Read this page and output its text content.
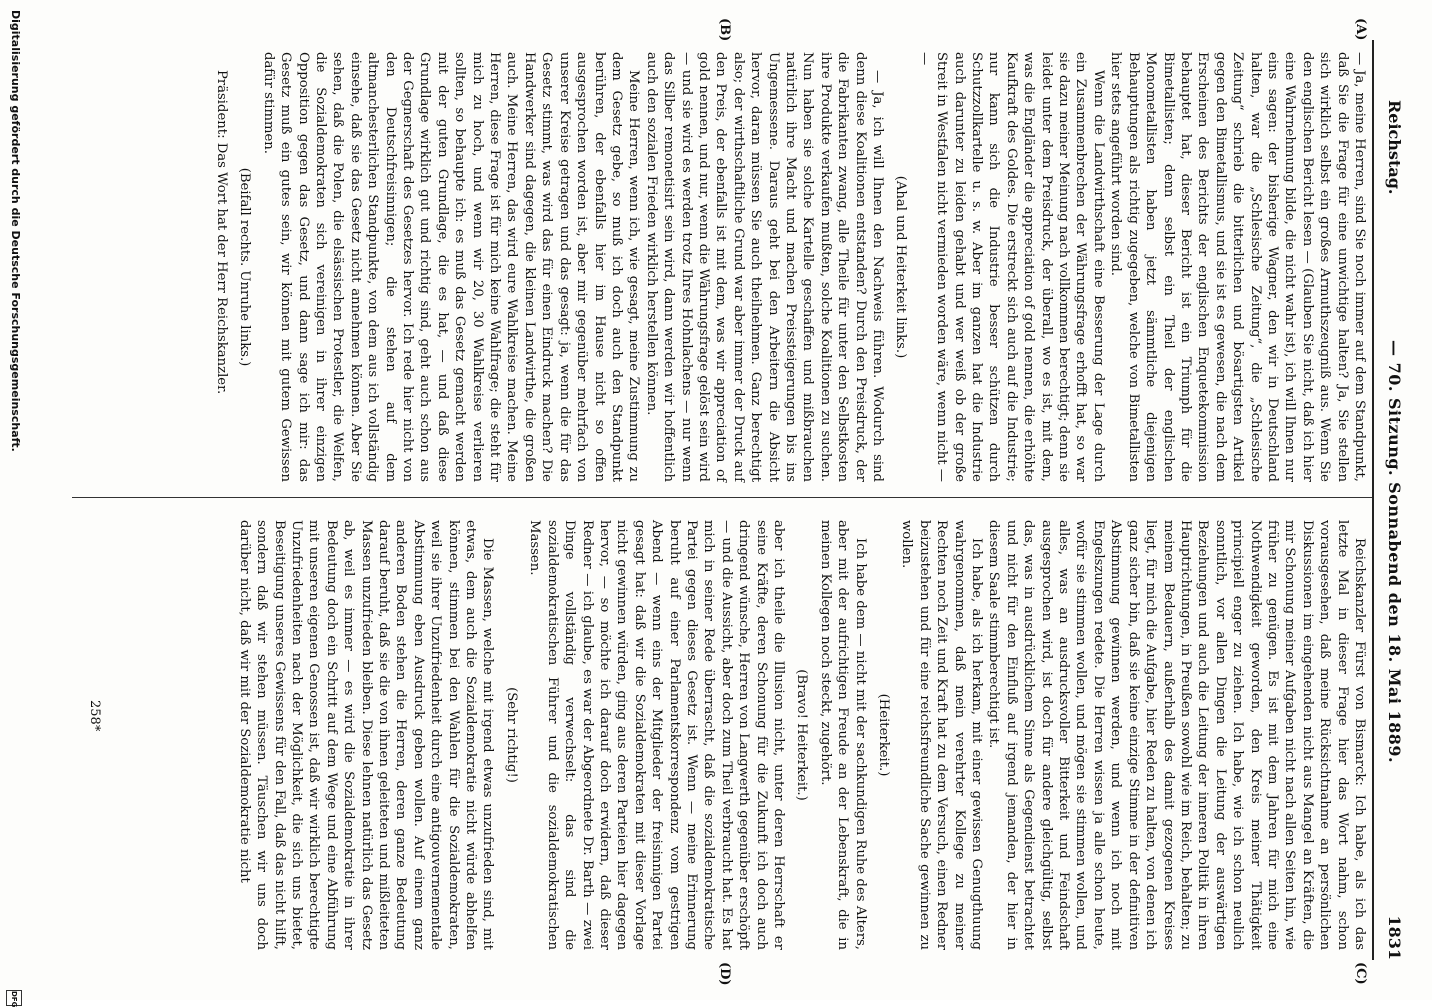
Reichstag.
— 70. Sitzung. Sonnabend den 18. Mai 1889.
1831
(A)
(B)
(C)
(D)

— Ja, meine Herren, sind Sie noch immer auf dem Standpunkt, daß Sie die Frage für eine unwichtige halten? Ja, Sie stellen sich wirklich selbst ein großes Armuthszeugniß aus. Wenn Sie den englischen Bericht lesen — (Glauben Sie nicht, daß ich hier eine Wahrnehmung bilde, die nicht wahr ist), ich will Ihnen nur eins sagen: der bisherige Wagner, den wir in Deutschland halten, war die „Schlesische Zeitung“, die „Schlesische Zeitung“ schrieb die bitterlichen und bösartigsten Artikel gegen den Bimetallismus, und sie ist es gewesen, die nach dem Erscheinen des Berichts der englischen Enquetekommission behauptet hat, dieser Bericht ist ein Triumph für die Bimetallisten; denn selbst ein Theil der englischen Monometallisten haben jetzt sämmtliche diejenigen Behauptungen als richtig zugegeben, welche von Bimetallisten hier stets angeführt worden sind.

Wenn die Landwirthschaft eine Besserung der Lage durch ein Zusammenbrechen der Währungsfrage erhofft hat, so war sie dazu meiner Meinung nach vollkommen berechtigt; denn sie leidet unter dem Preisdruck, der überall, wo es ist, mit dem, was die Engländer die appreciation of gold nennen, die erhöhte Kaufkraft des Goldes. Die erstreckt sich auch auf die Industrie; nur kann sich die Industrie besser schützen durch Schutzzollkartelle u. s. w. Aber im ganzen hat die Industrie auch darunter zu leiden gehabt und wer weiß ob der große Streit in Westfalen nicht vermieden worden wäre, wenn nicht — —

(Ahal und Heiterkeit links.)

— Ja, ich will Ihnen den Nachweis führen. Wodurch sind denn diese Koalitionen entstanden? Durch den Preisdruck, der die Fabrikanten zwang, alle Theile für unter den Selbstkosten ihre Produkte verkaufen mußten, solche Koalitionen zu suchen. Nun haben sie solche Kartelle geschaffen und mißbrauchen natürlich ihre Macht und machen Preissteigerungen bis ins Ungemessene. Daraus geht bei den Arbeitern die Absicht hervor, daran müssen Sie auch theilnehmen. Ganz berechtigt also; der wirthschaftliche Grund war aber immer der Druck auf den Preis, der ebenfalls ist mit dem, was wir appreciation of gold nennen, und nur, wenn die Währungsfrage gelöst sein wird — und sie wird es werden trotz Ihres Hohnlachens — nur wenn das Silber remonetisirt sein wird, dann werden wir hoffentlich auch den sozialen Frieden wirklich herstellen können.

Meine Herren, wenn ich, wie gesagt, meine Zustimmung zu dem Gesetz gebe, so muß ich doch auch den Standpunkt berühren, der ebenfalls hier im Hause nicht so offen ausgesprochen worden ist, aber mir gegenüber mehrfach von unserer Kreise getragen und das gesagt: ja, wenn die für das Gesetz stimmt, was wird das für einen Eindruck machen? Die Handwerker sind dagegen, die kleinen Landwirthe, die großen auch. Meine Herren, das wird eure Wahlkreise machen. Meine Herren, diese Frage ist für mich keine Wahlfrage; die steht für mich zu hoch, und wenn wir 20, 30 Wahlkreise verlieren sollten, so behaupte ich: es muß das Gesetz gemacht werden mit der guten Grundlage, die es hat, — und daß diese Grundlage wirklich gut und richtig sind, geht auch schon aus der Gegnerschaft des Gesetzes hervor. Ich rede hier nicht von den Deutschfreisinnigen; die stehen auf dem altmanchesterlichen Standpunkte, von dem aus ich vollständig einsehe, daß sie das Gesetz nicht annehmen können. Aber Sie sehen, daß die Polen, die elsässischen Protestler, die Welfen, die Sozialdemokraten sich vereinigen in ihrer einzigen Opposition gegen das Gesetz, und dann sage ich mir: das Gesetz muß ein gutes sein, wir können mit gutem Gewissen dafür stimmen.

(Beifall rechts. Unruhe links.)

Präsident: Das Wort hat der Herr Reichskanzler.

Reichskanzler Fürst von Bismarck: Ich habe, als ich das letzte Mal in dieser Frage hier das Wort nahm, schon vorausgesehen, daß meine Rücksichtnahme an persönlichen Diskussionen im eingehenden nicht aus Mangel an Kräften, die mir Schonung meiner Aufgaben nicht nach allen Seiten hin, wie früher zu genügen. Es ist mit dem Jahren für mich eine Nothwendigkeit geworden, den Kreis meiner Thätigkeit principiell enger zu ziehen. Ich habe, wie ich schon neulich sonntlich, vor allen Dingen die Leitung der auswärtigen Beziehungen und auch die Leitung der inneren Politik in ihren Hauptrichtungen, in Preußen sowohl wie im Reich, behalten; zu meinem Bedauern, außerhalb des damit gezogenen Kreises liegt, für mich die Aufgabe, hier Reden zu halten, von denen ich ganz sicher bin, daß sie keine einzige Stimme in der definitiven Abstimmung gewinnen werden, und wenn ich noch mit Engelszungen redete. Die Herren wissen ja alle schon heute, wofür sie stimmen wollen, und mögen sie stimmen wollen, und alles, was an ausdrucksvoller Bitterkeit und Feindschaft ausgesprochen wird, ist doch für andere gleichgültig, selbst das, was in ausdrücklichem Sinne als Gegendienst betrachtet und nicht für den Einfluß auf irgend jemanden, der hier in diesem Saale stimmberechtigt ist.

Ich habe, als ich herkam, mit einer gewissen Genugthuung wahrgenommen, daß mein verehrter Kollege zu meiner Rechten noch Zeit und Kraft hat zu dem Versuch, einen Redner beizustehen und für eine reichsfreundliche Sache gewinnen zu wollen.

(Heiterkeit.)

Ich habe dem — nicht mit der sachkundigen Ruhe des Alters, aber mit der aufrichtigen Freude an der Lebenskraft, die in meinen Kollegen noch steckt, zugehört.

(Bravo! Heiterkeit.)

aber ich theile die Illusion nicht, unter deren Herrschaft er seine Kräfte, deren Schonung für die Zukunft ich doch auch dringend wünsche, Herren von Langwerth gegenüber erschöpft — und die Aussicht, aber doch zum Theil verbraucht hat. Es hat mich in seiner Rede überrascht, daß die sozialdemokratische Partei gegen dieses Gesetz ist. Wenn — meine Erinnerung beruht auf einer Parlamentskorrespondenz vom gestrigen Abend — wenn eins der Mitglieder der freisinnigen Partei gesagt hat: daß wir die Sozialdemokraten mit dieser Vorlage nicht gewinnen würden, ging aus deren Parteien hier dagegen hervor, — so möchte ich darauf doch erwidern, daß dieser Redner — ich glaube, es war der Abgeordnete Dr. Barth — zwei Dinge vollständig verwechselt: das sind die sozialdemokratischen Führer und die sozialdemokratischen Massen.

(Sehr richtig!)

Die Massen, welche mit irgend etwas unzufrieden sind, mit etwas, dem auch die Sozialdemokratie nicht würde abhelfen können, stimmen bei den Wahlen für die Sozialdemokraten, weil sie ihrer Unzufriedenheit durch eine antigouvernementale Abstimmung eben Ausdruck geben wollen. Auf einem ganz anderen Boden stehen die Herren, deren ganze Bedeutung darauf beruht, daß sie die von ihnen geleiteten und mißleiteten Massen unzufrieden bleiben. Diese lehnen natürlich das Gesetz ab, weil es immer — es wird die Sozialdemokratie in ihrer Bedeutung doch ein Schritt auf dem Wege und eine Abführung mit unseren eigenen Genossen ist, daß wir wirklich berechtigte Unzufriedenheiten nach der Möglichkeit, die sich uns bietet, Beseitigung unseres Gewissens für den Fall, daß das nicht hilft, sondern daß wir stehen müssen. Täuschen wir uns doch darüber nicht, daß wir mit der Sozialdemokratie nicht

258*
Digitalisierung gefördert durch die Deutsche Forschungsgemeinschaft.
DFG
